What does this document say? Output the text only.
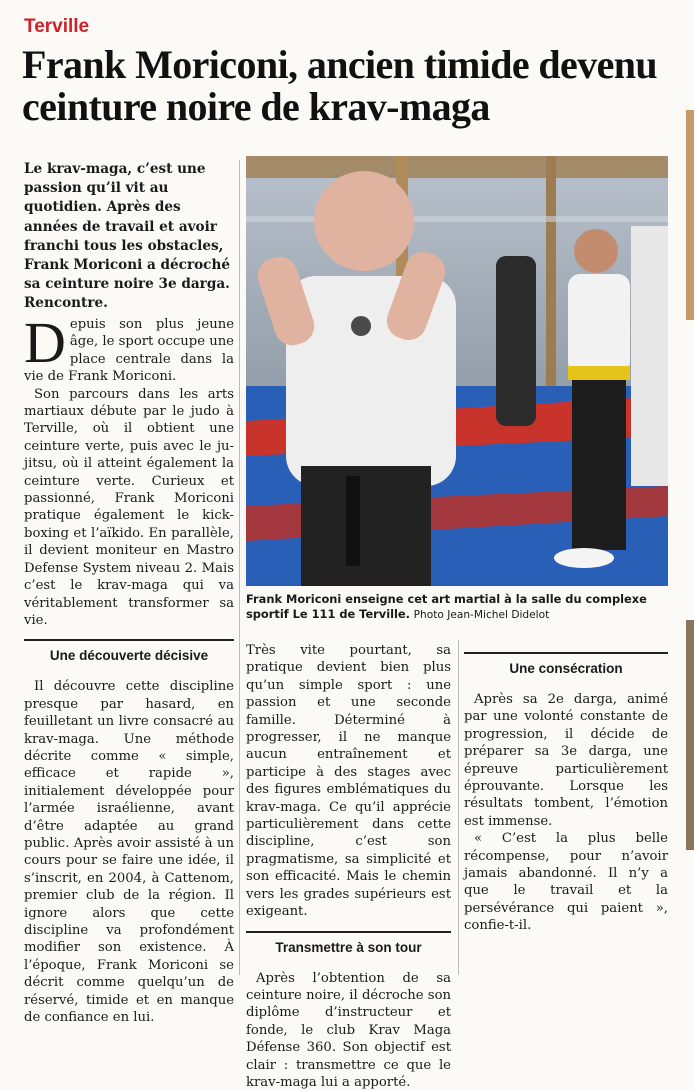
Terville
Frank Moriconi, ancien timide devenu ceinture noire de krav-maga

Le krav-maga, c’est une passion qu’il vit au quotidien. Après des années de travail et avoir franchi tous les obstacles, Frank Moriconi a décroché sa ceinture noire 3e darga. Rencontre.

Depuis son plus jeune âge, le sport occupe une place centrale dans la vie de Frank Moriconi.

Son parcours dans les arts martiaux débute par le judo à Terville, où il obtient une ceinture verte, puis avec le ju-jitsu, où il atteint également la ceinture verte. Curieux et passionné, Frank Moriconi pratique également le kick-boxing et l’aïkido. En parallèle, il devient moniteur en Mastro Defense System niveau 2. Mais c’est le krav-maga qui va véritablement transformer sa vie.

Une découverte décisive

Il découvre cette discipline presque par hasard, en feuilletant un livre consacré au krav-maga. Une méthode décrite comme « simple, efficace et rapide », initialement développée pour l’armée israélienne, avant d’être adaptée au grand public. Après avoir assisté à un cours pour se faire une idée, il s’inscrit, en 2004, à Cattenom, premier club de la région. Il ignore alors que cette discipline va profondément modifier son existence. À l’époque, Frank Moriconi se décrit comme quelqu’un de réservé, timide et en manque de confiance en lui.

Frank Moriconi enseigne cet art martial à la salle du complexe sportif Le 111 de Terville. Photo Jean-Michel Didelot

Très vite pourtant, sa pratique devient bien plus qu’un simple sport : une passion et une seconde famille. Déterminé à progresser, il ne manque aucun entraînement et participe à des stages avec des figures emblématiques du krav-maga. Ce qu’il apprécie particulièrement dans cette discipline, c’est son pragmatisme, sa simplicité et son efficacité. Mais le chemin vers les grades supérieurs est exigeant.

Transmettre à son tour

Après l’obtention de sa ceinture noire, il décroche son diplôme d’instructeur et fonde, le club Krav Maga Défense 360. Son objectif est clair : transmettre ce que le krav-maga lui a apporté.

Une consécration

Après sa 2e darga, animé par une volonté constante de progression, il décide de préparer sa 3e darga, une épreuve particulièrement éprouvante. Lorsque les résultats tombent, l’émotion est immense.

« C’est la plus belle récompense, pour n’avoir jamais abandonné. Il n’y a que le travail et la persévérance qui paient », confie-t-il.
